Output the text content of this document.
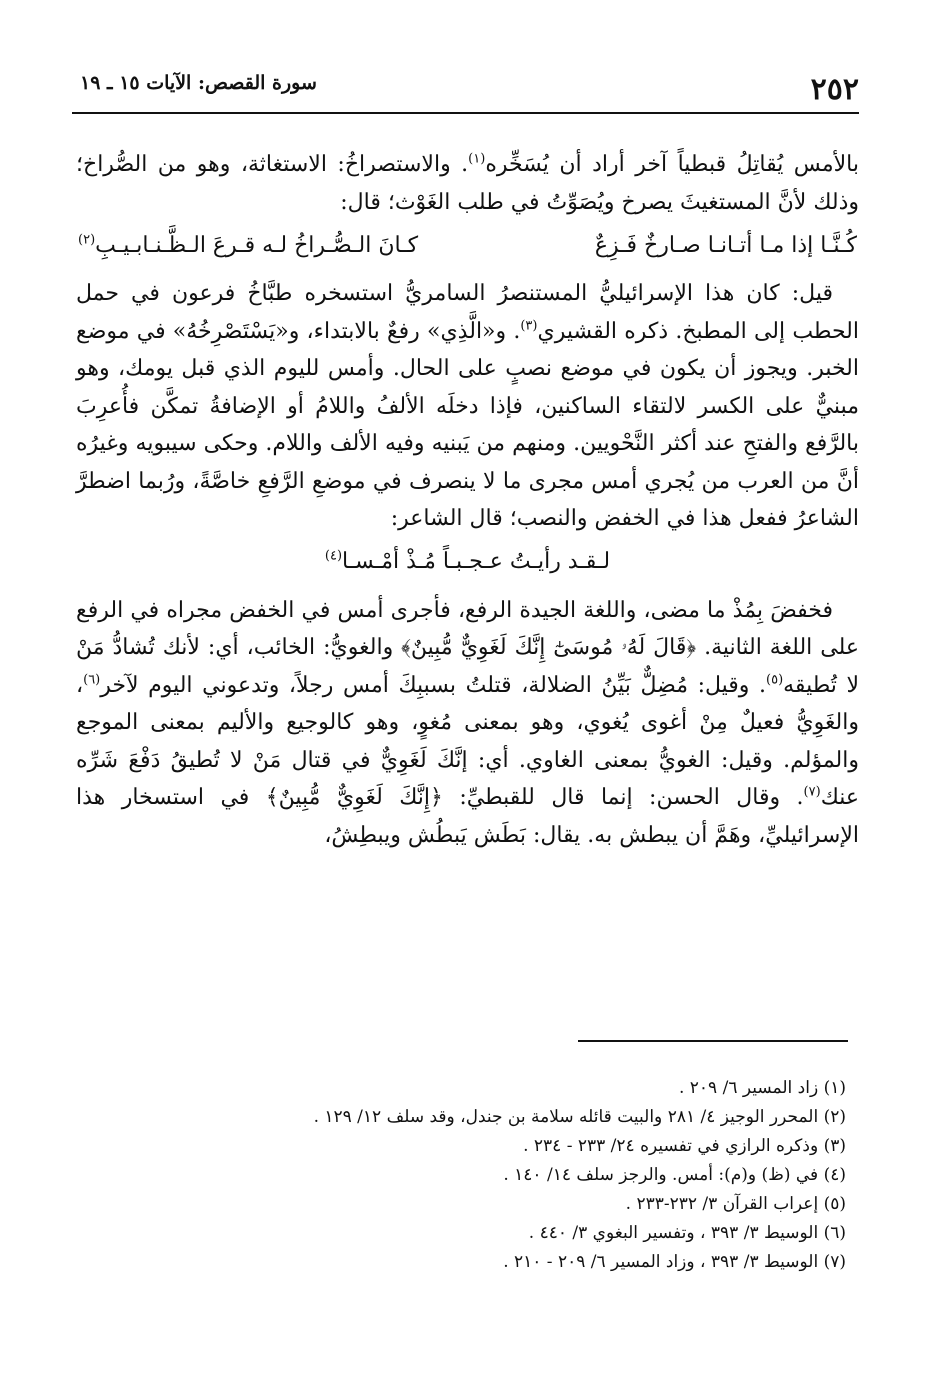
٢٥٢
سورة القصص: الآيات ١٥ ـ ١٩

بالأمس يُقاتِلُ قبطياً آخر أراد أن يُسَخِّره$^{(١)}$. والاستصراخُ: الاستغاثة، وهو من الصُّراخ؛ وذلك لأنَّ المستغيثَ يصرخ ويُصَوِّتُ في طلب الغَوْث؛ قال:

كُـنَّـا إذا مـا أتـانـا صـارخٌ فَـزِعٌ
كـانَ الـصُّـراخُ لـه قـرعَ الـظَّـنـابـيـبِ$^{(٢)}$

قيل: كان هذا الإسرائيليُّ المستنصرُ السامريُّ استسخره طبَّاخُ فرعون في حمل الحطب إلى المطبخ. ذكره القشيري$^{(٣)}$. و«الَّذِي» رفعٌ بالابتداء، و«يَسْتَصْرِخُهُ» في موضع الخبر. ويجوز أن يكون في موضع نصبٍ على الحال. وأمس لليوم الذي قبل يومك، وهو مبنيٌّ على الكسر لالتقاء الساكنين، فإذا دخلَه الألفُ واللامُ أو الإضافةُ تمكَّن فأُعرِبَ بالرَّفع والفتحِ عند أكثر النَّحْويين. ومنهم من يَبنيه وفيه الألف واللام. وحكى سيبويه وغيرُه أنَّ من العرب من يُجري أمس مجرى ما لا ينصرف في موضعِ الرَّفعِ خاصَّةً، ورُبما اضطرَّ الشاعرُ ففعل هذا في الخفض والنصب؛ قال الشاعر:

لـقـد رأيـتُ عـجـبـاً مُـذْ أمْـسـا$^{(٤)}$

فخفضَ بِمُذْ ما مضى، واللغة الجيدة الرفع، فأجرى أمس في الخفض مجراه في الرفع على اللغة الثانية. ﴿قَالَ لَهُۥ مُوسَىٰٓ إِنَّكَ لَغَوِيٌّ مُّبِينٌ﴾ والغويُّ: الخائب، أي: لأنك تُشادُّ مَنْ لا تُطيقه$^{(٥)}$. وقيل: مُضِلٌّ بَيِّنُ الضلالة، قتلتُ بسببِكَ أمس رجلاً، وتدعوني اليوم لآخر$^{(٦)}$، والغَوِيُّ فعيلٌ مِنْ أغوى يُغوي، وهو بمعنى مُغوٍ، وهو كالوجيع والأليم بمعنى الموجع والمؤلم. وقيل: الغويُّ بمعنى الغاوي. أي: إنَّكَ لَغَوِيٌّ في قتال مَنْ لا تُطيقُ دَفْعَ شَرِّه عنك$^{(٧)}$. وقال الحسن: إنما قال للقبطيِّ: ﴿إِنَّكَ لَغَوِيٌّ مُّبِينٌ﴾ في استسخار هذا الإسرائيليِّ، وهَمَّ أن يبطش به. يقال: بَطَش يَبطُش ويبطِشُ،

(١) زاد المسير ٦/ ٢٠٩ .

(٢) المحرر الوجيز ٤/ ٢٨١ والبيت قائله سلامة بن جندل، وقد سلف ١٢/ ١٢٩ .

(٣) وذكره الرازي في تفسيره ٢٤/ ٢٣٣ - ٢٣٤ .

(٤) في (ظ) و(م): أمس. والرجز سلف ١٤/ ١٤٠ .

(٥) إعراب القرآن ٣/ ٢٣٢-٢٣٣ .

(٦) الوسيط ٣/ ٣٩٣ ، وتفسير البغوي ٣/ ٤٤٠ .

(٧) الوسيط ٣/ ٣٩٣ ، وزاد المسير ٦/ ٢٠٩ - ٢١٠ .
